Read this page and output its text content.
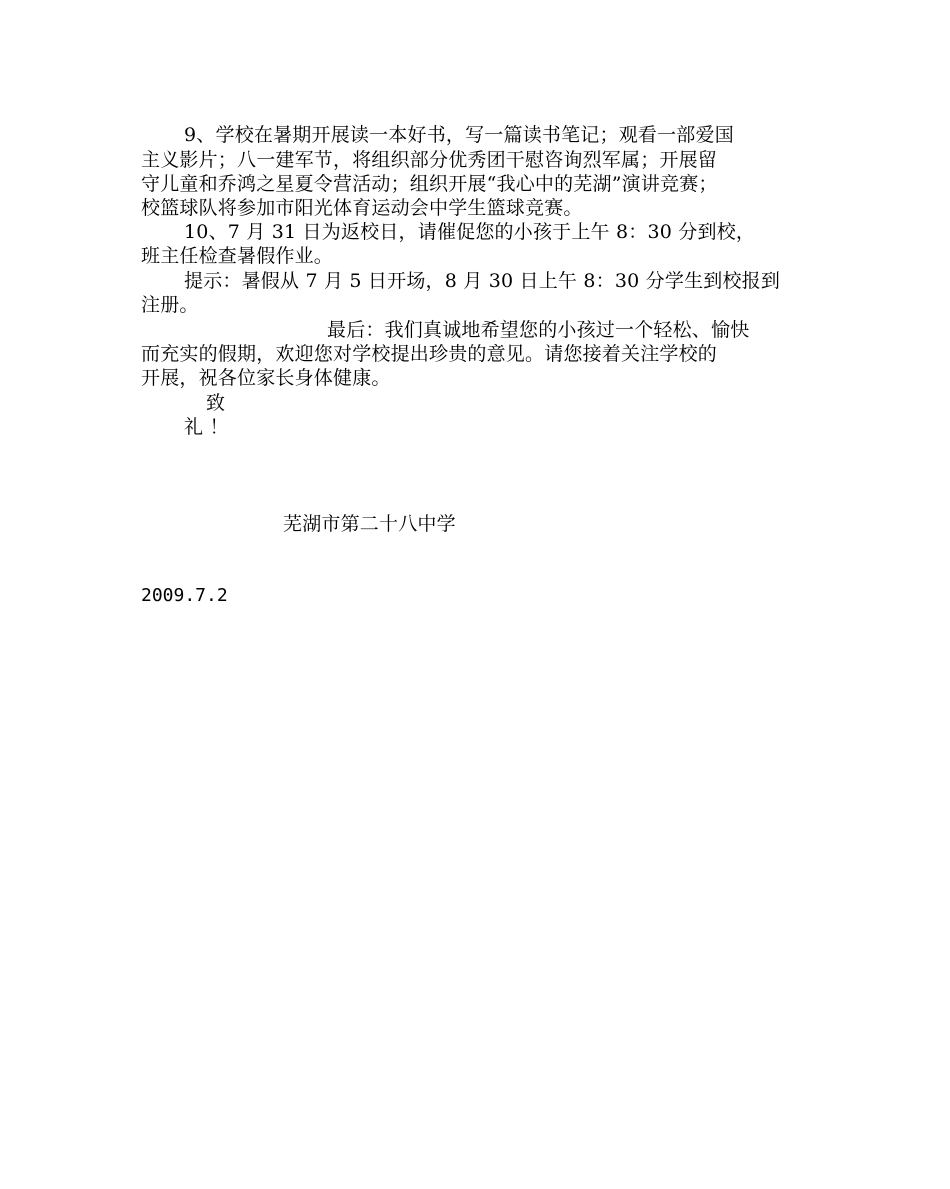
9、学校在暑期开展读一本好书，写一篇读书笔记；观看一部爱国
主义影片；八一建军节，将组织部分优秀团干慰咨询烈军属；开展留
守儿童和乔鸿之星夏令营活动；组织开展“我心中的芜湖”演讲竞赛；
校篮球队将参加市阳光体育运动会中学生篮球竞赛。
10、7 月 31 日为返校日，请催促您的小孩于上午 8：30 分到校，
班主任检查暑假作业。
提示：暑假从 7 月 5 日开场，8 月 30 日上午 8：30 分学生到校报到
注册。
最后：我们真诚地希望您的小孩过一个轻松、愉快
而充实的假期，欢迎您对学校提出珍贵的意见。请您接着关注学校的
开展，祝各位家长身体健康。
致
礼 ！
芜湖市第二十八中学
2009.7.2
